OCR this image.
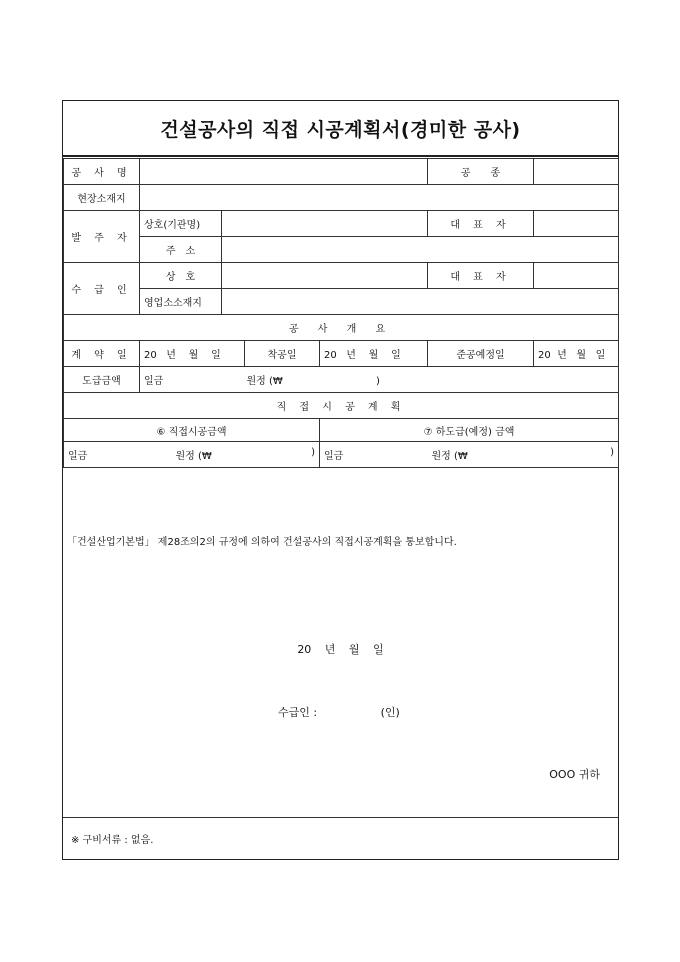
건설공사의 직접 시공계획서(경미한 공사)
공 사 명					공　　종	
현장소재지						
발 주 자	상호(기관명)				대 표 자	
	주　소					
수 급 인	상　호				대 표 자	
	영업소소재지					
공 사 개 요						
계 약 일	20 년 월 일		착공일	20 년 월 일	준공예정일	20 년 월 일
도급금액	일금 원정 (₩ )					
직 접 시 공 계 획						
⑥ 직접시공금액				⑦ 하도급(예정) 금액		
일금 원정 (₩ )				일금 원정 (₩ )		
「건설산업기본법」 제28조의2의 규정에 의하여 건설공사의 직접시공계획을 통보합니다.
20 년 월 일
수급인 :	(인)
OOO 귀하
※ 구비서류 : 없음.
